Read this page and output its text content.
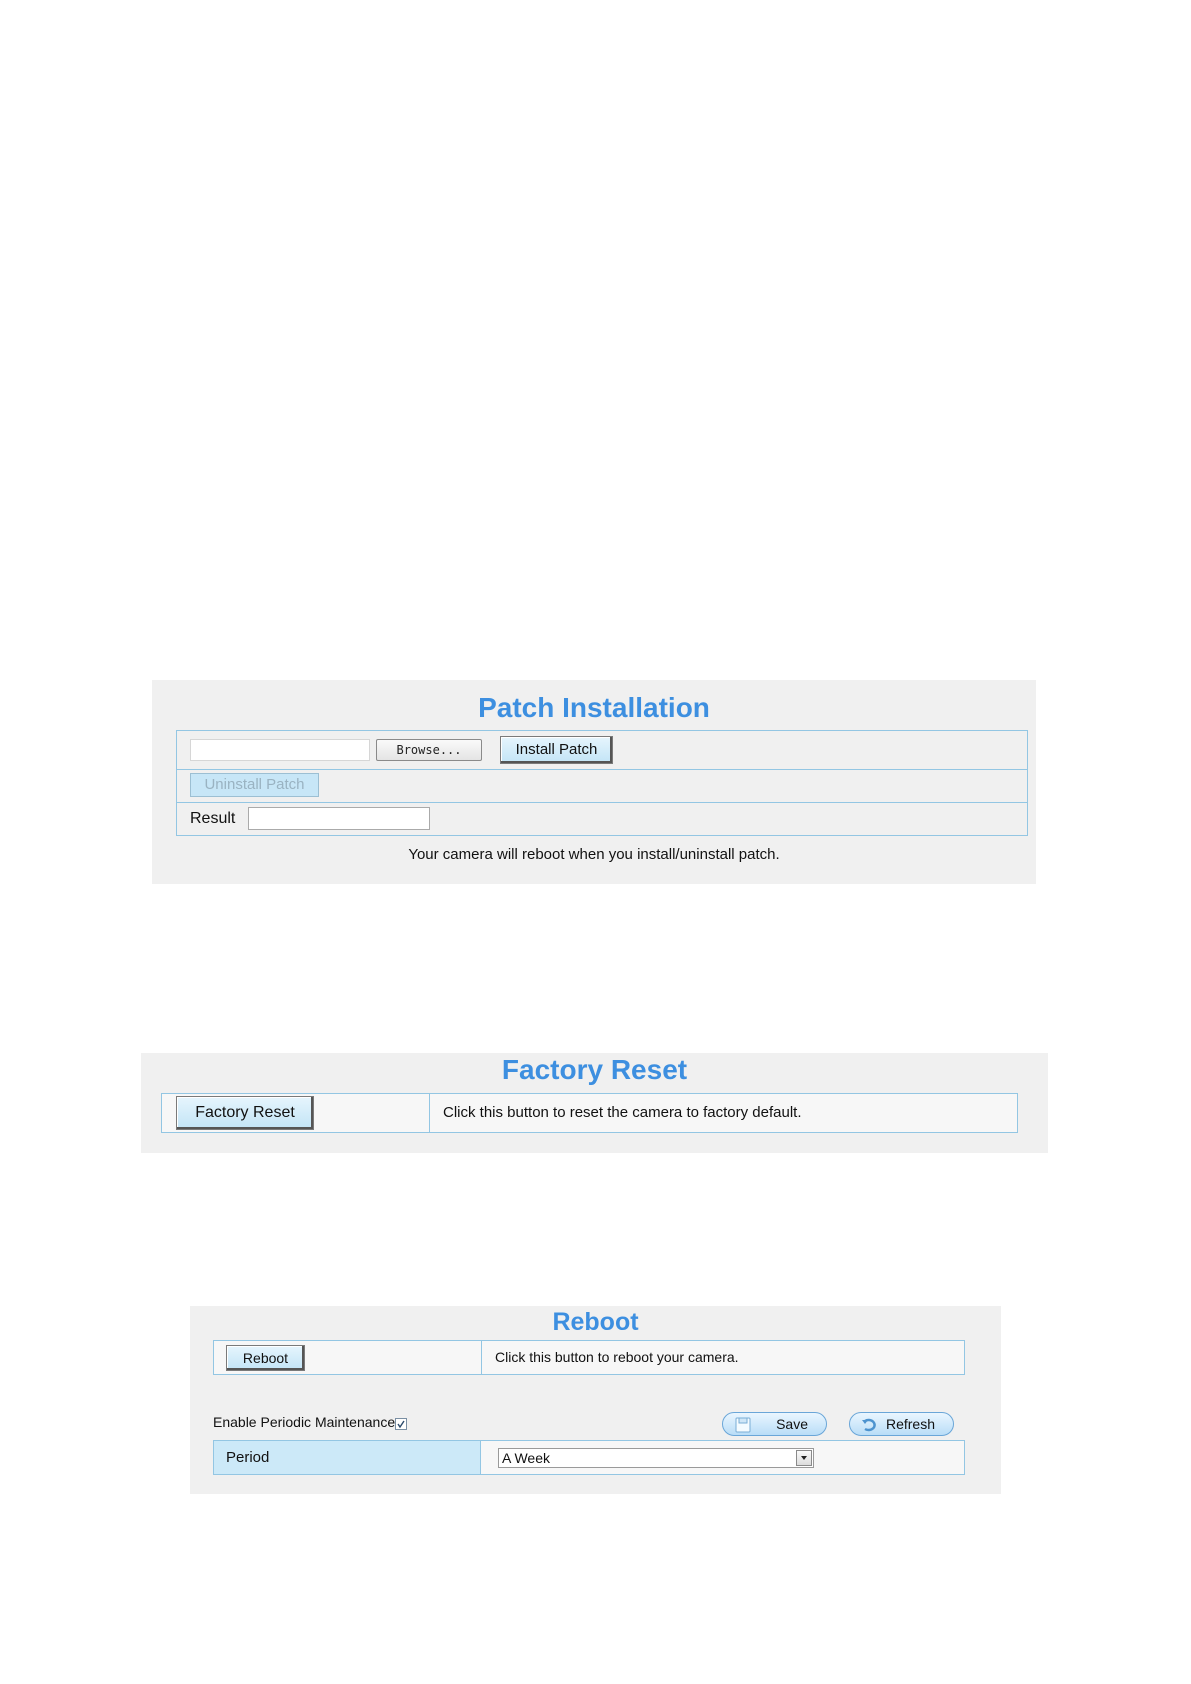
Patch Installation
Browse...	Install Patch
Uninstall Patch
Result
Your camera will reboot when you install/uninstall patch.
Factory Reset
Factory Reset	Click this button to reset the camera to factory default.
Reboot
Reboot	Click this button to reboot your camera.
Enable Periodic Maintenance	Save	Refresh
Period	A Week
